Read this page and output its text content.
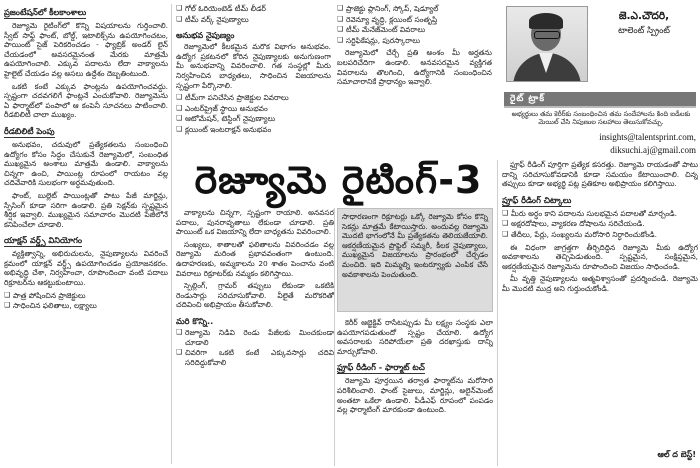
ప్రజంటేషన్‌లో కీలకాంశాలు

రెజ్యూమె రైటింగ్‌లో కొన్ని విషయాలను గుర్తించాలి. స్వీట్ సాఫ్ట్ ఫాంట్, బోల్డ్, ఇటాలిక్స్‌ను ఉపయోగించటం, పాయింట్ సైజ్ పెరికరించడం - ఫ్యాబ్రిక్ అండర్ లైన్ చేయడంలో అవసరమైనంత మేరకు మాత్రమే ఉపయోగించాలి. ఎక్కువ పదాలను లేదా వాక్యాలను హైలైట్ చేయడం వల్ల అసలు ఉద్దేశం దెబ్బతింటుంది.

ఒకటి కంటే ఎక్కువ ఫాంట్లను ఉపయోగించవద్దు. స్పష్టంగా చదవగలిగే ఫాంట్ల‌నే ఎంచుకోవాలి. రెజ్యూమెను ఏ ఫార్మాట్‌లో పంపాలో ఆ కంపెనీ సూచనలు పాటించాలి. రీడబిలిటీ చాలా ముఖ్యం.

రీడబిలిటీ పెంపు

అనుభవం, చదువులో ప్రత్యేకతలను సంబంధించి ఉద్యోగం కోసం సిద్ధం చేసుకునే రెజ్యూమెలో, సంబంధిత ముఖ్యమైన అంశాలు మాత్రమే ఉండాలి. వాక్యాలను చిన్నగా ఉంచి, పాయింట్ల రూపంలో రాయటం వల్ల చదివేవారికి సులభంగా అర్థమవుతుంది.

ఫాంట్, బుల్లెట్ పాయింట్లతో పాటు పేజీ మార్జిన్లు, స్పేసింగ్ కూడా సరిగా ఉండాలి. ప్రతి సెక్షన్‌కు స్పష్టమైన శీర్షిక ఇవ్వాలి. ముఖ్యమైన సమాచారం మొదటి పేజీలోనే కనిపించేలా చూడాలి.

యాక్షన్ వర్డ్స్ వినియోగం

వ్యక్తిత్వాన్ని, అభిరుచులను, నైపుణ్యాలను వివరించే క్రమంలో యాక్షన్ వర్డ్స్ ఉపయోగించడం ప్రయోజనకరం. అభివృద్ధి చేశా, నిర్వహించా, రూపొందించా వంటి పదాలు రిక్రూటర్‌ను ఆకట్టుకుంటాయి.

❑ పాత్ర పోషించిన ప్రాజెక్టులు
❑ సాధించిన ఫలితాలు, లక్ష్యాలు
❑ గోల్ ఓరియెంటెడ్ టీమ్ లీడర్
❑ టీమ్ వర్క్ నైపుణ్యాలు
అనుభవ నైపుణ్యం

రెజ్యూమెలో కీలకమైన మరొక విభాగం అనుభవం. ఉద్యోగ ప్రకటనలో కోరిన నైపుణ్యాలకు అనుగుణంగా మీ అనుభవాన్ని వివరించాలి. గత సంస్థల్లో మీరు నిర్వహించిన బాధ్యతలు, సాధించిన విజయాలను స్పష్టంగా పేర్కొనాలి.

❑ టీమ్‌గా పనిచేసిన ప్రాజెక్టుల వివరాలు
❑ ఎంటర్‌ప్రైజ్ స్థాయి అనుభవం
❑ ఆటోమేషన్, టెస్టింగ్ నైపుణ్యాలు
❑ క్లయింట్ ఇంటరాక్షన్ అనుభవం
❑ ప్రాజెక్టు ప్లానింగ్, స్కోప్, షెడ్యూల్
❑ రెవెన్యూ వృద్ధి, క్లయింట్ సంతృప్తి
❑ టీమ్ మేనేజ్‌మెంట్ వివరాలు
❑ సర్టిఫికేషన్లు, పురస్కారాలు

రెజ్యూమెలో చేర్చే ప్రతి అంశం మీ అర్హతను బలపరిచేదిగా ఉండాలి. అనవసరమైన వ్యక్తిగత వివరాలను తొలగించి, ఉద్యోగానికి సంబంధించిన సమాచారానికే ప్రాధాన్యం ఇవ్వాలి.

జె.ఎ.చౌదరి,
టాలెంట్ స్ప్రింట్
రైట్ ట్రాక్
అభ్యర్థులు తమ కెరీర్‌కు సంబంధించిన తమ సందేహాలను కింది ఐడీలకు మెయిల్ చేసి నిపుణుల సలహాలు తెలుసుకోవచ్చు.
insights@talentsprint.com,
diksuchi.aj@gmail.com
రెజ్యూమె రైటింగ్-3

వాక్యాలను చిన్నగా, స్పష్టంగా రాయాలి. అనవసర పదాలు, పునరావృతాలు లేకుండా చూడాలి. ప్రతి పాయింట్ ఒక విజయాన్ని లేదా బాధ్యతను వివరించాలి.

సంఖ్యలు, శాతాలతో ఫలితాలను వివరించడం వల్ల రెజ్యూమె మరింత ప్రభావవంతంగా ఉంటుంది. ఉదాహరణకు, అమ్మకాలను 20 శాతం పెంచాను వంటి వివరాలు రిక్రూటర్‌కు నమ్మకం కలిగిస్తాయి.

స్పెల్లింగ్, గ్రామర్ తప్పులు లేకుండా ఒకటికి రెండుసార్లు సరిచూసుకోవాలి. వీలైతే మరొకరితో చదివించి అభిప్రాయం తీసుకోవాలి.

మరి కొన్ని..
❑ రెజ్యూమె నిడివి రెండు పేజీలకు మించకుండా చూడాలి
❑ చివరిగా ఒకటి కంటే ఎక్కువసార్లు చదివి సరిదిద్దుకోవాలి
సాధారణంగా రిక్రూటర్లు ఒక్కో రెజ్యూమె కోసం కొన్ని సెకన్లు మాత్రమే కేటాయిస్తారు. అందువల్ల రెజ్యూమె మొదటి భాగంలోనే మీ ప్రత్యేకతను తెలియజేయాలి. ఆకర్షణీయమైన ప్రొఫైల్ సమ్మరీ, కీలక నైపుణ్యాలు, ముఖ్యమైన విజయాలను ప్రారంభంలో చేర్చడం మంచిది. ఇది మిమ్మల్ని ఇంటర్వ్యూకు ఎంపిక చేసే అవకాశాలను పెంచుతుంది.

కెరీర్ ఆబ్జెక్టివ్ రాసేటప్పుడు మీ లక్ష్యం సంస్థకు ఎలా ఉపయోగపడుతుందో స్పష్టం చేయాలి. ఉద్యోగ అవసరాలకు సరిపోయేలా ప్రతి దరఖాస్తుకు దాన్ని మార్చుకోవాలి.

ఫ్రూఫ్ రీడింగ్ - ఫార్మాట్ టచ్

రెజ్యూమె పూర్తయిన తర్వాత ఫార్మాట్‌ను మరోసారి పరిశీలించాలి. ఫాంట్ సైజులు, మార్జిన్లు, అలైన్‌మెంట్ అంతటా ఒకేలా ఉండాలి. పీడీఎఫ్ రూపంలో పంపడం వల్ల ఫార్మాటింగ్ మారకుండా ఉంటుంది.

ఫ్రూఫ్ రీడింగ్ పూర్తిగా ప్రత్యేక కసరత్తు. రెజ్యూమె రాయడంతో పాటు దాన్ని సరిచూసుకోవడానికి కూడా సమయం కేటాయించాలి. చిన్న తప్పులు కూడా అభ్యర్థి పట్ల ప్రతికూల అభిప్రాయం కలిగిస్తాయి.

ప్రూఫ్ రీడింగ్ చిట్కాలు
❑ మీరు అర్థం కాని పదాలను సులభమైన పదాలతో మార్చండి.
❑ అక్షరదోషాలు, వ్యాకరణ దోషాలను సరిచేయండి.
❑ తేదీలు, పేర్లు, సంఖ్యలను మరోసారి నిర్ధారించుకోండి.

ఈ విధంగా జాగ్రత్తగా తీర్చిదిద్దిన రెజ్యూమె మీకు ఉద్యోగ అవకాశాలను తెచ్చిపెడుతుంది. స్పష్టమైన, సంక్షిప్తమైన, ఆకర్షణీయమైన రెజ్యూమెను రూపొందించి విజయం సాధించండి.

మీ వృత్తి నైపుణ్యాలను ఆత్మవిశ్వాసంతో ప్రదర్శించండి. రెజ్యూమె మీ మొదటి ముద్ర అని గుర్తుంచుకోండి.

ఆల్ ద బెస్ట్!
